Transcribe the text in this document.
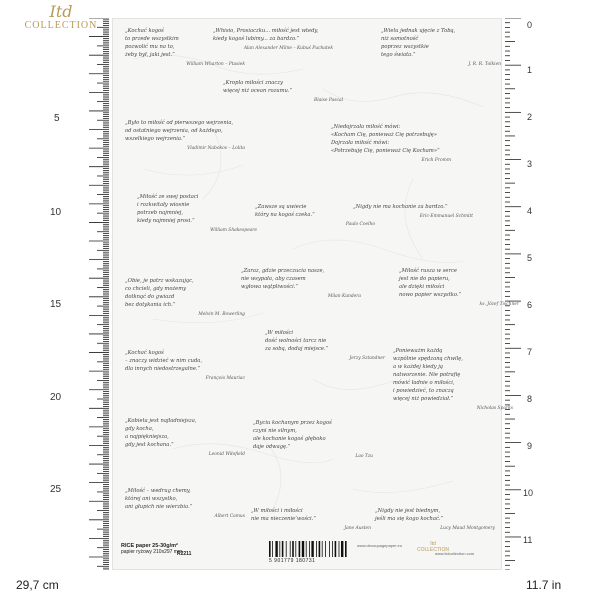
Itd
COLLECTION
5
10
15
20
25
0
1
2
3
4
5
6
7
8
9
10
11
29,7 cm	11.7 in
„Kochać kogoś
to przede wszystkim
pozwolić mu na to,
żeby był, jaki jest.”
William Wharton – Ptasiek
„Whisio, Prosiaczku... miłość jest wtedy,
kiedy kogoś lubimy... za bardzo.”
Alan Alexander Milne – Kubuś Puchatek
„Wielu jednak ujęcie z Tobą,
niż samotność
poprzez wszystkie
tego świata.”
J. R. R. Tolkien
„Kropla miłości znaczy
więcej niż ocean rozumu.”
Blaise Pascal
„Było to miłość od pierwszego wejrzenia,
od ostatniego wejrzenia, od każdego,
wszelkiego wejrzenia.”
Vladimir Nabokov – Lolita
„Niedojrzała miłość mówi:
«Kocham Cię, ponieważ Cię potrzebuję»
Dojrzała miłość mówi:
«Potrzebuję Cię, ponieważ Cię Kocham»”
Erich Fromm
„Miłość ze swej postaci
i rozkwitały wiosnie
potrzeb najmniej,
kiedy najmniej prosi.”
William Shakespeare
„Zawsze są uwiecie
który na kogoś czeka.”
Paulo Coelho
„Nigdy nie ma kochanie za bardzo.”
Eric-Emmanuel Schmitt
„Obie, je patrz wskazując,
co chcieli, gdy możemy
dotknąć do gwiazd
bez dotykania ich.”
Melvin M. Bowerling
„Zaraz, gdzie przeczucia nasze,
nie wsypała, aby czasem
wgłowa wątpliwości.”
Milan Kundera
„Miłość rusza w serce
jest nie do papieru,
ale dzięki miłości
nowo papier wszystko.”
ks. Józef Tischner
„W miłości
dość wolności tarcz nie
za sobą, dodaj miejsce.”
Jerzy Sztandner
„Kochać kogoś
– znaczy widzieć w nim cuda,
dla innych niedostrzegalne.”
François Mauriac
„Ponieważm każdą
wzpólnie spędzaną chwilę,
a w każdej kiedy ją
natworzenie. Nie potrafię
mówić ładnie o miłości,
i powiedzieć, to znaczą
więcej niż powiedział.”
Nicholas Sparks
„Kobieta jest najładniejsza,
gdy kocha,
a najpiękniejsza,
gdy jest kochana.”
Leonid Wiłofield
„Byciu kochanym przez kogoś
czyni nie silnym,
ale kochanie kogoś głęboko
daje odwagę.”
Lao Tzu
„Miłość – wedrug chemy,
której ani wszystko,
ani głupich nie wierzbia.”
Albert Camus
„W miłości i miłości
nie ma nieczenie’wości.”
Jane Austen
„Nigdy nie jest biednym,
jeśli ma się kogo kochać.”
Lucy Maud Montgomery
RICE paper 25-30g/m²
papier ryżowy 210x297 mm
R2211
5 901779 180731
www.decoupagepaper.eu	Itd
COLLECTION
www.itdcollection.com
